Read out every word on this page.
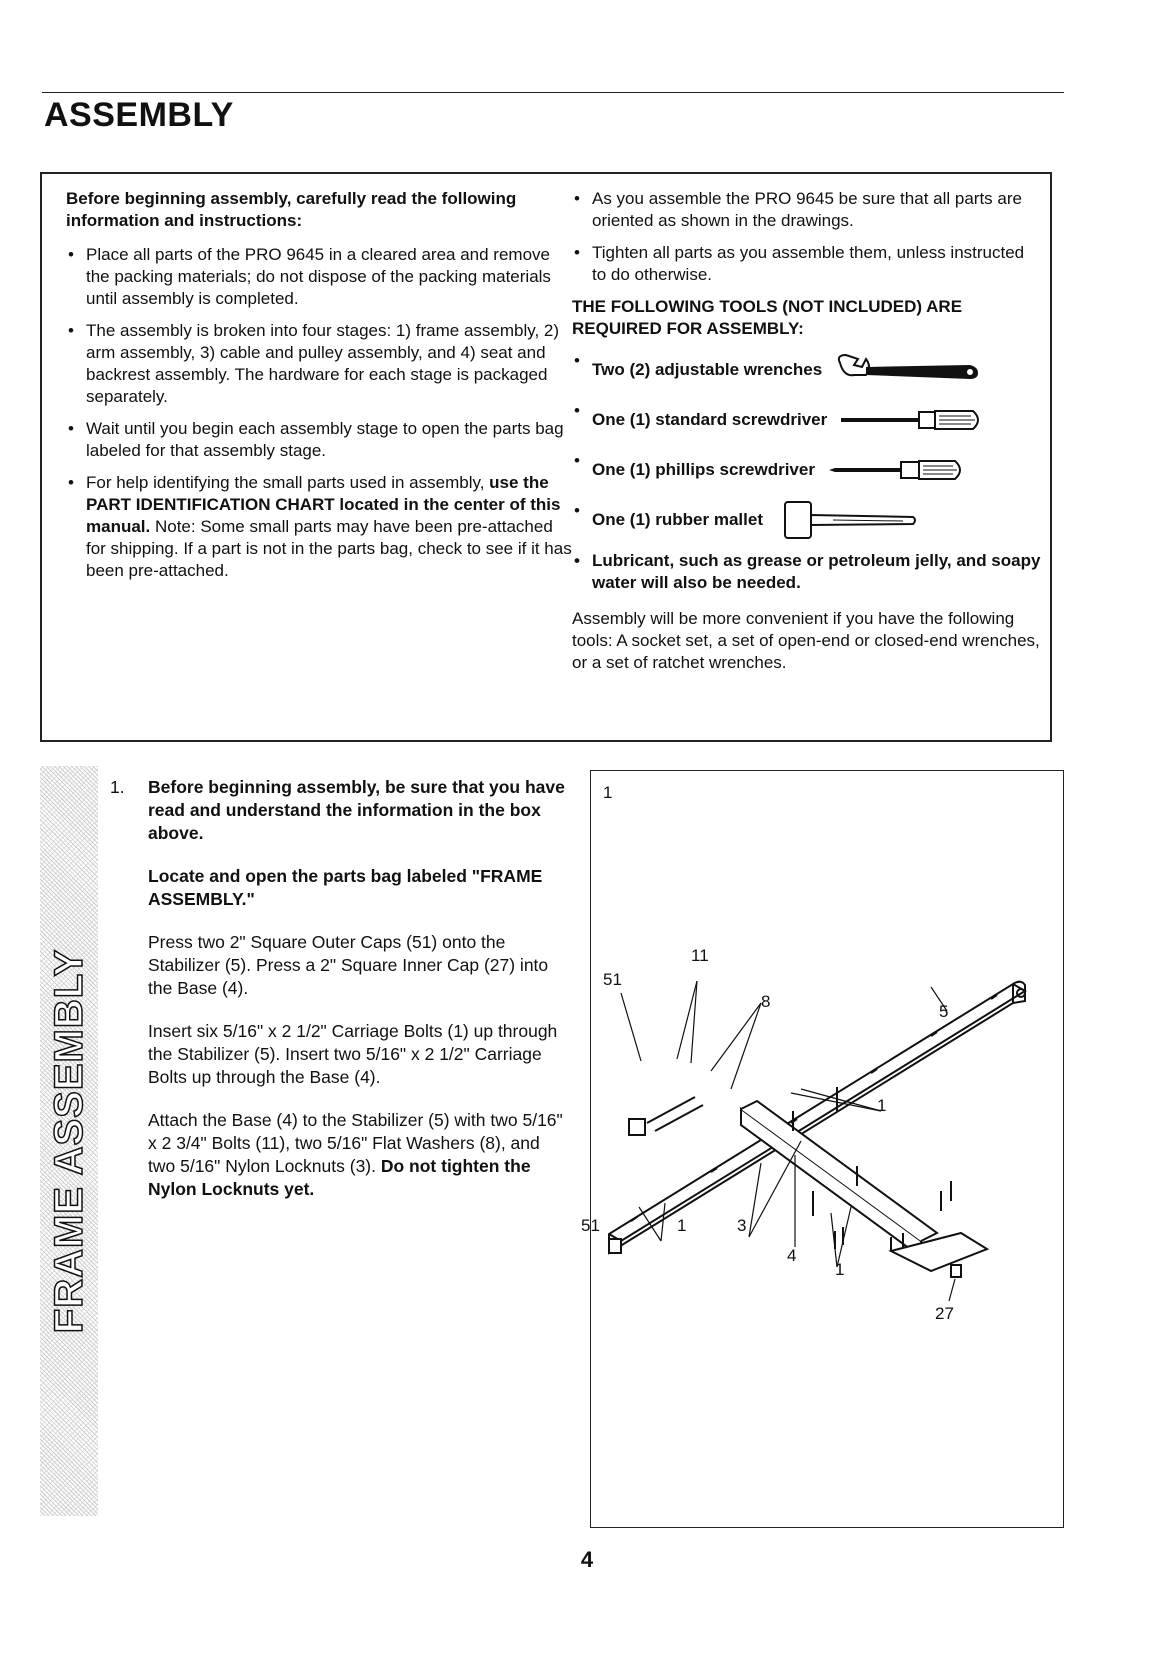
ASSEMBLY

Before beginning assembly, carefully read the following information and instructions:

• Place all parts of the PRO 9645 in a cleared area and remove the packing materials; do not dispose of the packing materials until assembly is completed.
• The assembly is broken into four stages: 1) frame assembly, 2) arm assembly, 3) cable and pulley assembly, and 4) seat and backrest assembly. The hardware for each stage is packaged separately.
• Wait until you begin each assembly stage to open the parts bag labeled for that assembly stage.
• For help identifying the small parts used in assembly, use the PART IDENTIFICATION CHART located in the center of this manual. Note: Some small parts may have been pre-attached for shipping. If a part is not in the parts bag, check to see if it has been pre-attached.
• As you assemble the PRO 9645 be sure that all parts are oriented as shown in the drawings.
• Tighten all parts as you assemble them, unless instructed to do otherwise.
THE FOLLOWING TOOLS (NOT INCLUDED) ARE REQUIRED FOR ASSEMBLY:
• Two (2) adjustable wrenches
• One (1) standard screwdriver
• One (1) phillips screwdriver
• One (1) rubber mallet
• Lubricant, such as grease or petroleum jelly, and soapy water will also be needed.

Assembly will be more convenient if you have the following tools: A socket set, a set of open-end or closed-end wrenches, or a set of ratchet wrenches.

FRAME ASSEMBLY
1. Before beginning assembly, be sure that you have read and understand the information in the box above.

Locate and open the parts bag labeled "FRAME ASSEMBLY."

Press two 2" Square Outer Caps (51) onto the Stabilizer (5). Press a 2" Square Inner Cap (27) into the Base (4).

Insert six 5/16" x 2 1/2" Carriage Bolts (1) up through the Stabilizer (5). Insert two 5/16" x 2 1/2" Carriage Bolts up through the Base (4).

Attach the Base (4) to the Stabilizer (5) with two 5/16" x 2 3/4" Bolts (11), two 5/16" Flat Washers (8), and two 5/16" Nylon Locknuts (3). Do not tighten the Nylon Locknuts yet.

1
11
51
8
5
1
51	1	3
4
1
27
4
